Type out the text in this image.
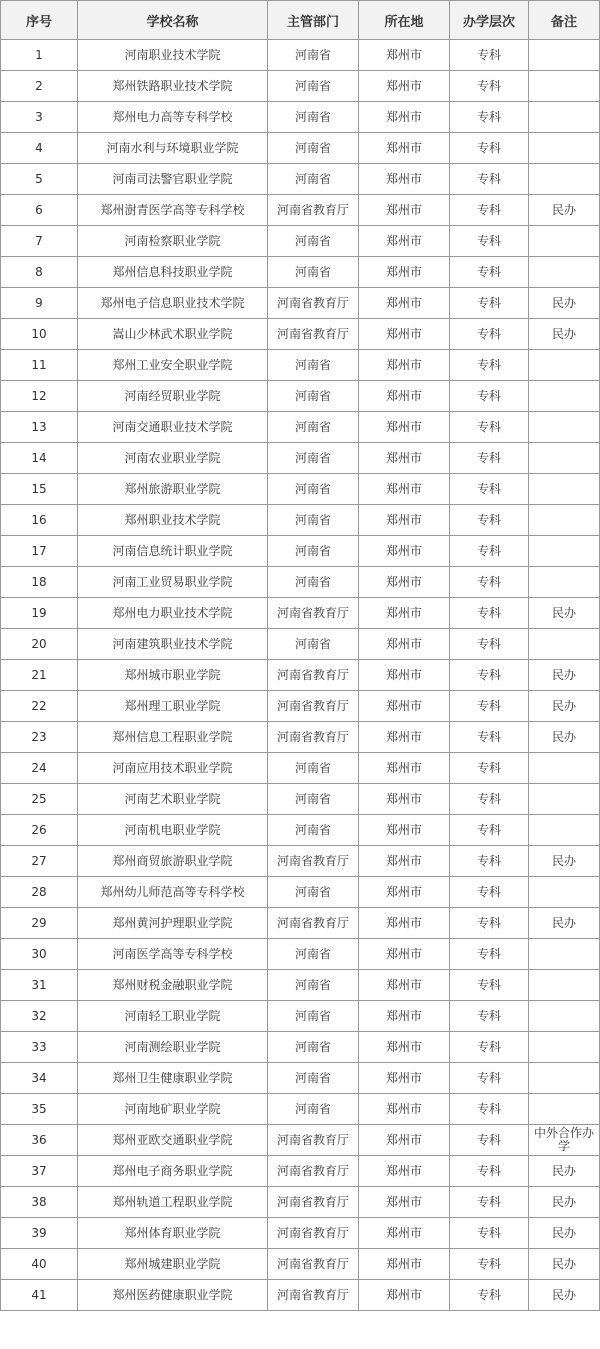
序号	学校名称	主管部门	所在地	办学层次	备注
1	河南职业技术学院	河南省	郑州市	专科	
2	郑州铁路职业技术学院	河南省	郑州市	专科	
3	郑州电力高等专科学校	河南省	郑州市	专科	
4	河南水利与环境职业学院	河南省	郑州市	专科	
5	河南司法警官职业学院	河南省	郑州市	专科	
6	郑州澍青医学高等专科学校	河南省教育厅	郑州市	专科	民办
7	河南检察职业学院	河南省	郑州市	专科	
8	郑州信息科技职业学院	河南省	郑州市	专科	
9	郑州电子信息职业技术学院	河南省教育厅	郑州市	专科	民办
10	嵩山少林武术职业学院	河南省教育厅	郑州市	专科	民办
11	郑州工业安全职业学院	河南省	郑州市	专科	
12	河南经贸职业学院	河南省	郑州市	专科	
13	河南交通职业技术学院	河南省	郑州市	专科	
14	河南农业职业学院	河南省	郑州市	专科	
15	郑州旅游职业学院	河南省	郑州市	专科	
16	郑州职业技术学院	河南省	郑州市	专科	
17	河南信息统计职业学院	河南省	郑州市	专科	
18	河南工业贸易职业学院	河南省	郑州市	专科	
19	郑州电力职业技术学院	河南省教育厅	郑州市	专科	民办
20	河南建筑职业技术学院	河南省	郑州市	专科	
21	郑州城市职业学院	河南省教育厅	郑州市	专科	民办
22	郑州理工职业学院	河南省教育厅	郑州市	专科	民办
23	郑州信息工程职业学院	河南省教育厅	郑州市	专科	民办
24	河南应用技术职业学院	河南省	郑州市	专科	
25	河南艺术职业学院	河南省	郑州市	专科	
26	河南机电职业学院	河南省	郑州市	专科	
27	郑州商贸旅游职业学院	河南省教育厅	郑州市	专科	民办
28	郑州幼儿师范高等专科学校	河南省	郑州市	专科	
29	郑州黄河护理职业学院	河南省教育厅	郑州市	专科	民办
30	河南医学高等专科学校	河南省	郑州市	专科	
31	郑州财税金融职业学院	河南省	郑州市	专科	
32	河南轻工职业学院	河南省	郑州市	专科	
33	河南测绘职业学院	河南省	郑州市	专科	
34	郑州卫生健康职业学院	河南省	郑州市	专科	
35	河南地矿职业学院	河南省	郑州市	专科	
36	郑州亚欧交通职业学院	河南省教育厅	郑州市	专科	中外合作办学
37	郑州电子商务职业学院	河南省教育厅	郑州市	专科	民办
38	郑州轨道工程职业学院	河南省教育厅	郑州市	专科	民办
39	郑州体育职业学院	河南省教育厅	郑州市	专科	民办
40	郑州城建职业学院	河南省教育厅	郑州市	专科	民办
41	郑州医药健康职业学院	河南省教育厅	郑州市	专科	民办
